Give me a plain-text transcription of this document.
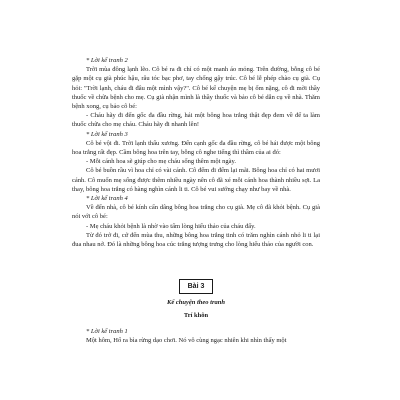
* Lời kể tranh 2

Trời mùa đông lạnh lẽo. Cô bé ra đi chỉ có một manh áo mỏng. Trên đường, bỗng cô bé gặp một cụ già phúc hậu, râu tóc bạc phơ, tay chống gậy trúc. Cô bé lễ phép chào cụ già. Cụ hỏi: "Trời lạnh, cháu đi đâu một mình vậy?". Cô bé kể chuyện mẹ bị ốm nặng, cô đi mời thầy thuốc về chữa bệnh cho mẹ. Cụ già nhận mình là thầy thuốc và bảo cô bé dẫn cụ về nhà. Thăm bệnh xong, cụ bảo cô bé:

- Cháu hãy đi đến gốc đa đầu rừng, hái một bông hoa trắng thật đẹp đem về để ta làm thuốc chữa cho mẹ cháu. Cháu hãy đi nhanh lên!

* Lời kể tranh 3

Cô bé vội đi. Trời lạnh thấu xương. Đến cạnh gốc đa đầu rừng, cô bé hái được một bông hoa trắng rất đẹp. Cầm bông hoa trên tay, bỗng cô nghe tiếng thì thầm của ai đó:

- Mỗi cánh hoa sẽ giúp cho mẹ cháu sống thêm một ngày.

Cô bé buồn rầu vì hoa chỉ có vài cánh. Cô đếm đi đếm lại mãi. Bông hoa chỉ có hai mươi cánh. Cô muốn mẹ sống được thêm nhiều ngày nên cô đã xé mỗi cánh hoa thành nhiều sợi. La thay, bông hoa trắng có hàng nghìn cánh li ti. Cô bé vui sướng chạy như bay về nhà.

* Lời kể tranh 4

Về đến nhà, cô bé kính cẩn dâng bông hoa trắng cho cụ già. Mẹ cô đã khỏi bệnh. Cụ già nói với cô bé:

- Mẹ cháu khỏi bệnh là nhờ vào tấm lòng hiếu thảo của cháu đấy.

Từ đó trở đi, cứ đến mùa thu, những bông hoa trắng tinh có trăm nghìn cánh nhỏ li ti lại đua nhau nở. Đó là những bông hoa cúc trắng tượng trưng cho lòng hiếu thảo của người con.

Bài 3
Kể chuyện theo tranh
Trí khôn

* Lời kể tranh 1

Một hôm, Hổ ra bìa rừng dạo chơi. Nó vô cùng ngạc nhiên khi nhìn thấy một
